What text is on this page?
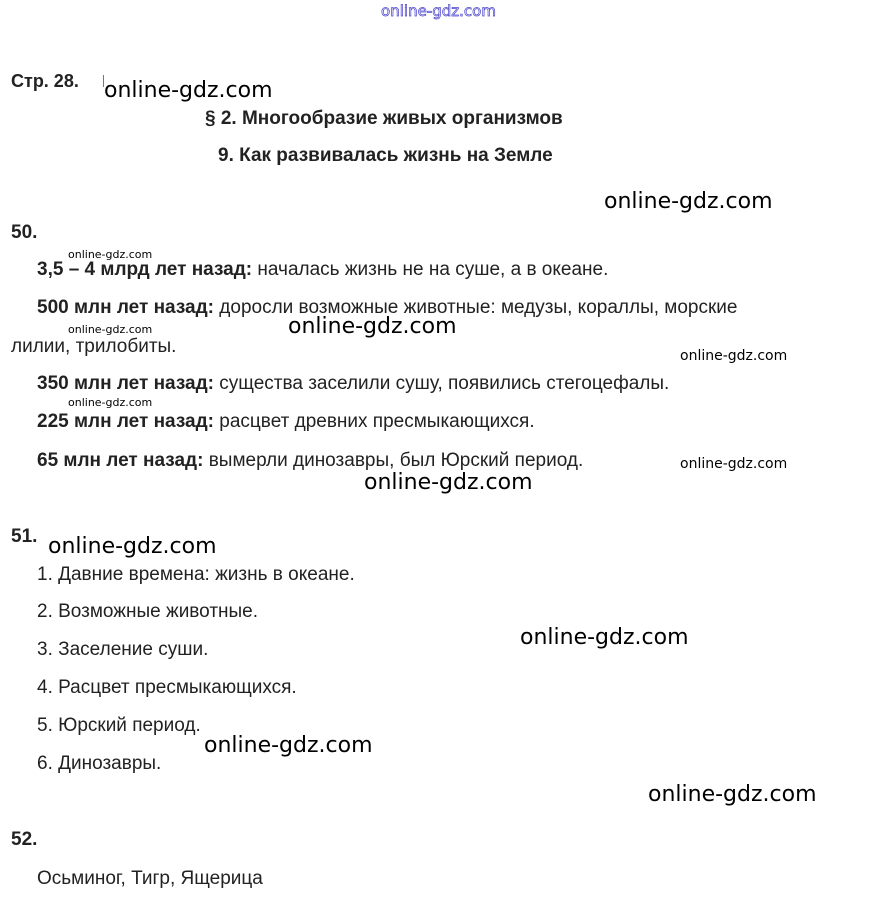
online-gdz.com
Стр. 28.
§ 2. Многообразие живых организмов
9. Как развивалась жизнь на Земле
50.
3,5 – 4 млрд лет назад: началась жизнь не на суше, а в океане.
500 млн лет назад: доросли возможные животные: медузы, кораллы, морские
лилии, трилобиты.
350 млн лет назад: существа заселили сушу, появились стегоцефалы.
225 млн лет назад: расцвет древних пресмыкающихся.
65 млн лет назад: вымерли динозавры, был Юрский период.
51.
1. Давние времена: жизнь в океане.
2. Возможные животные.
3. Заселение суши.
4. Расцвет пресмыкающихся.
5. Юрский период.
6. Динозавры.
52.
Осьминог, Тигр, Ящерица
online-gdz.com
online-gdz.com
online-gdz.com
online-gdz.com	online-gdz.com
online-gdz.com
online-gdz.com
online-gdz.com
online-gdz.com
online-gdz.com
online-gdz.com
online-gdz.com
online-gdz.com
